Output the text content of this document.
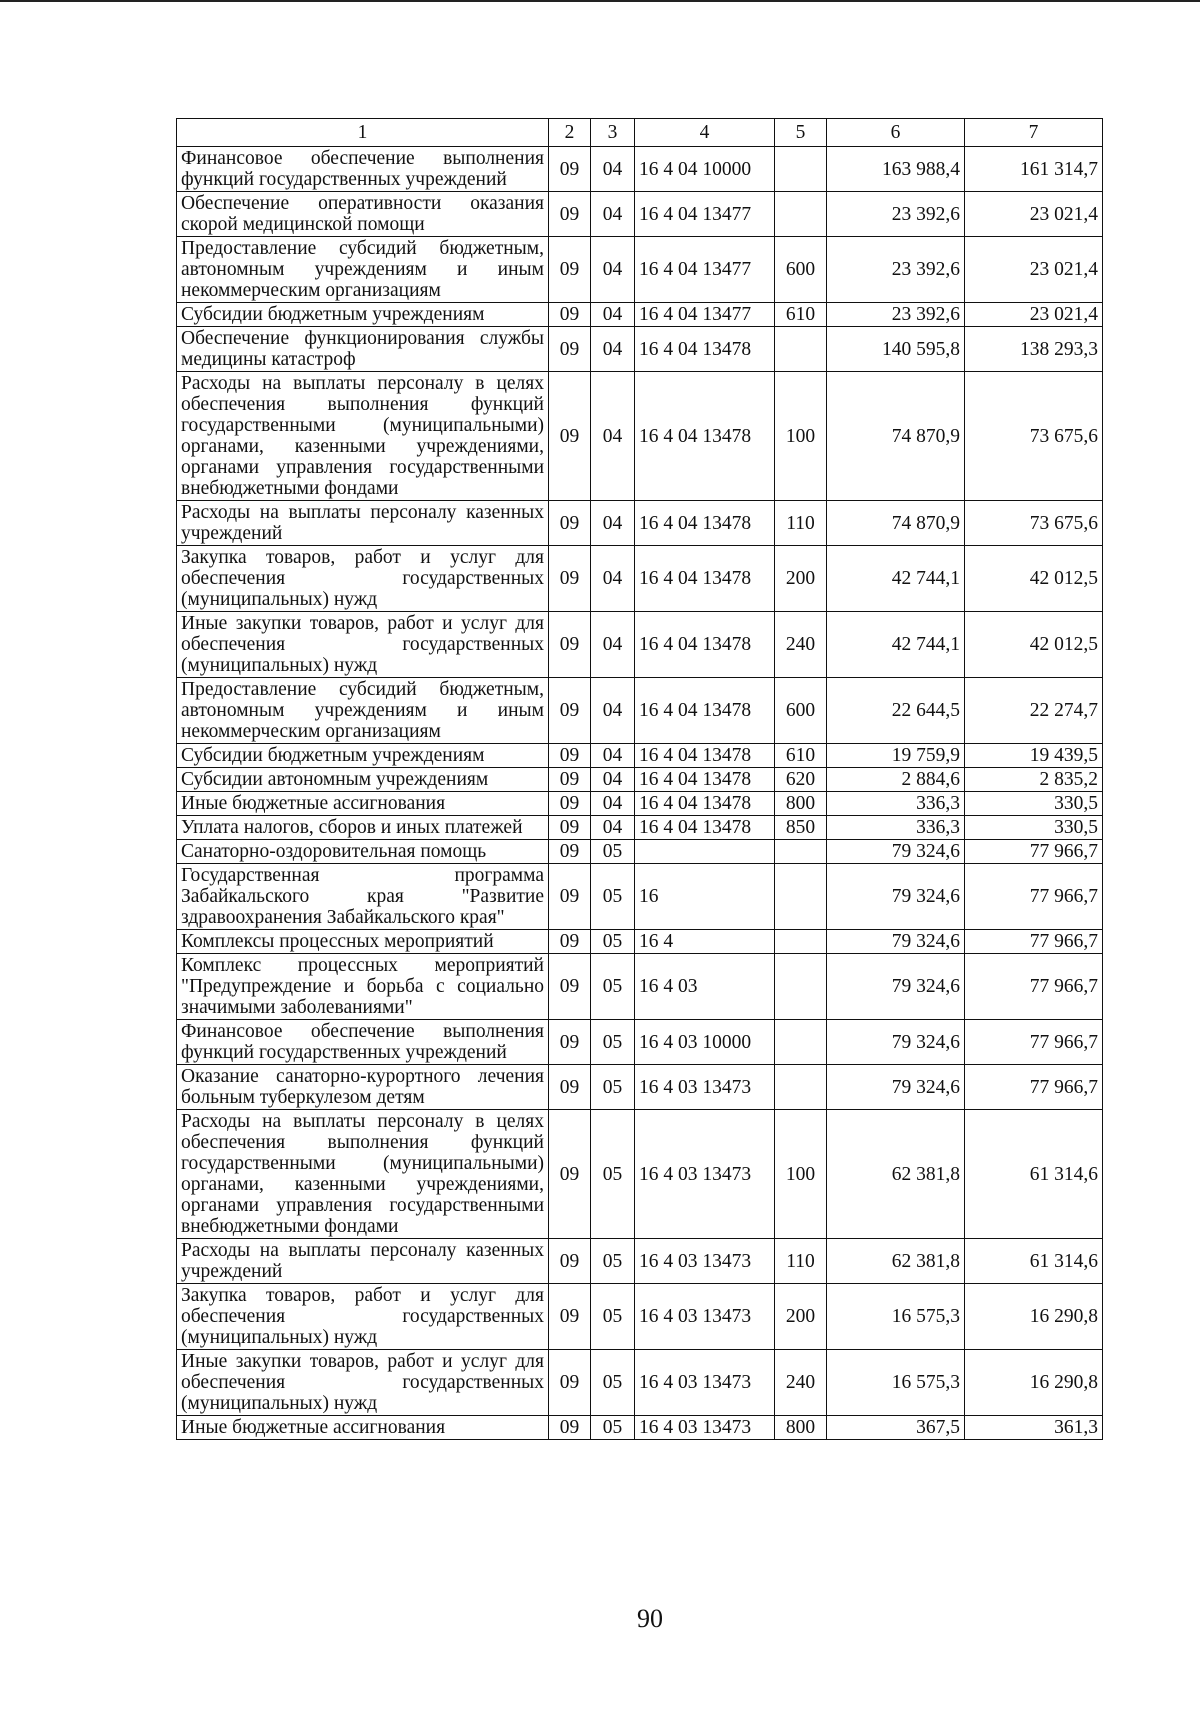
1	2	3	4	5	6	7
Финансовое обеспечение выполнения функций государственных учреждений	09	04	16 4 04 10000		163 988,4	161 314,7
Обеспечение оперативности оказания скорой медицинской помощи	09	04	16 4 04 13477		23 392,6	23 021,4
Предоставление субсидий бюджетным, автономным учреждениям и иным некоммерческим организациям	09	04	16 4 04 13477	600	23 392,6	23 021,4
Субсидии бюджетным учреждениям	09	04	16 4 04 13477	610	23 392,6	23 021,4
Обеспечение функционирования службы медицины катастроф	09	04	16 4 04 13478		140 595,8	138 293,3
Расходы на выплаты персоналу в целях обеспечения выполнения функций государственными (муниципальными) органами, казенными учреждениями, органами управления государственными внебюджетными фондами	09	04	16 4 04 13478	100	74 870,9	73 675,6
Расходы на выплаты персоналу казенных учреждений	09	04	16 4 04 13478	110	74 870,9	73 675,6
Закупка товаров, работ и услуг для обеспечения государственных (муниципальных) нужд	09	04	16 4 04 13478	200	42 744,1	42 012,5
Иные закупки товаров, работ и услуг для обеспечения государственных (муниципальных) нужд	09	04	16 4 04 13478	240	42 744,1	42 012,5
Предоставление субсидий бюджетным, автономным учреждениям и иным некоммерческим организациям	09	04	16 4 04 13478	600	22 644,5	22 274,7
Субсидии бюджетным учреждениям	09	04	16 4 04 13478	610	19 759,9	19 439,5
Субсидии автономным учреждениям	09	04	16 4 04 13478	620	2 884,6	2 835,2
Иные бюджетные ассигнования	09	04	16 4 04 13478	800	336,3	330,5
Уплата налогов, сборов и иных платежей	09	04	16 4 04 13478	850	336,3	330,5
Санаторно-оздоровительная помощь	09	05			79 324,6	77 966,7
Государственная программа Забайкальского края "Развитие здравоохранения Забайкальского края"	09	05	16		79 324,6	77 966,7
Комплексы процессных мероприятий	09	05	16 4		79 324,6	77 966,7
Комплекс процессных мероприятий "Предупреждение и борьба с социально значимыми заболеваниями"	09	05	16 4 03		79 324,6	77 966,7
Финансовое обеспечение выполнения функций государственных учреждений	09	05	16 4 03 10000		79 324,6	77 966,7
Оказание санаторно-курортного лечения больным туберкулезом детям	09	05	16 4 03 13473		79 324,6	77 966,7
Расходы на выплаты персоналу в целях обеспечения выполнения функций государственными (муниципальными) органами, казенными учреждениями, органами управления государственными внебюджетными фондами	09	05	16 4 03 13473	100	62 381,8	61 314,6
Расходы на выплаты персоналу казенных учреждений	09	05	16 4 03 13473	110	62 381,8	61 314,6
Закупка товаров, работ и услуг для обеспечения государственных (муниципальных) нужд	09	05	16 4 03 13473	200	16 575,3	16 290,8
Иные закупки товаров, работ и услуг для обеспечения государственных (муниципальных) нужд	09	05	16 4 03 13473	240	16 575,3	16 290,8
Иные бюджетные ассигнования	09	05	16 4 03 13473	800	367,5	361,3
90
